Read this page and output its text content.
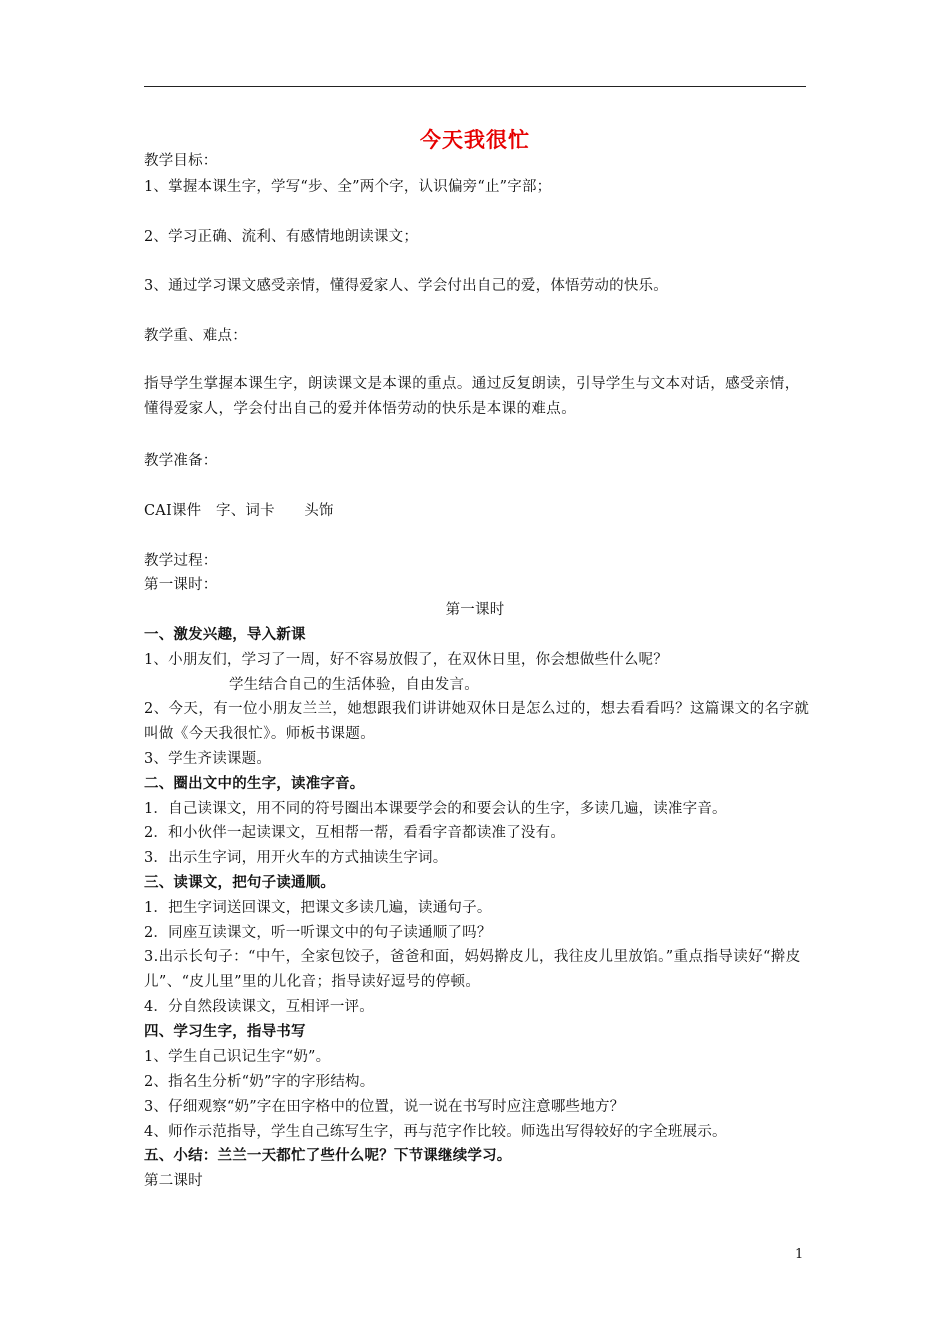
今天我很忙
教学目标：
1、掌握本课生字，学写“步、全”两个字，认识偏旁“止”字部；
2、学习正确、流利、有感情地朗读课文；
3、通过学习课文感受亲情，懂得爱家人、学会付出自己的爱，体悟劳动的快乐。
教学重、难点：
指导学生掌握本课生字，朗读课文是本课的重点。通过反复朗读，引导学生与文本对话，感受亲情，懂得爱家人，学会付出自己的爱并体悟劳动的快乐是本课的难点。
教学准备：
CAI课件　字、词卡　　头饰
教学过程：
第一课时：
第一课时
一、激发兴趣，导入新课
1、小朋友们，学习了一周，好不容易放假了，在双休日里，你会想做些什么呢？
学生结合自己的生活体验，自由发言。
2、今天，有一位小朋友兰兰，她想跟我们讲讲她双休日是怎么过的，想去看看吗？这篇课文的名字就叫做《今天我很忙》。师板书课题。
3、学生齐读课题。
二、圈出文中的生字，读准字音。
1．自己读课文，用不同的符号圈出本课要学会的和要会认的生字，多读几遍，读准字音。
2．和小伙伴一起读课文，互相帮一帮，看看字音都读准了没有。
3．出示生字词，用开火车的方式抽读生字词。
三、读课文，把句子读通顺。
1．把生字词送回课文，把课文多读几遍，读通句子。
2．同座互读课文，听一听课文中的句子读通顺了吗？
3.出示长句子：“中午，全家包饺子，爸爸和面，妈妈擀皮儿，我往皮儿里放馅。”重点指导读好“擀皮儿”、“皮儿里”里的儿化音；指导读好逗号的停顿。
4．分自然段读课文，互相评一评。
四、学习生字，指导书写
1、学生自己识记生字“奶”。
2、指名生分析“奶”字的字形结构。
3、仔细观察“奶”字在田字格中的位置，说一说在书写时应注意哪些地方？
4、师作示范指导，学生自己练写生字，再与范字作比较。师选出写得较好的字全班展示。
五、小结：兰兰一天都忙了些什么呢？下节课继续学习。
第二课时
1
